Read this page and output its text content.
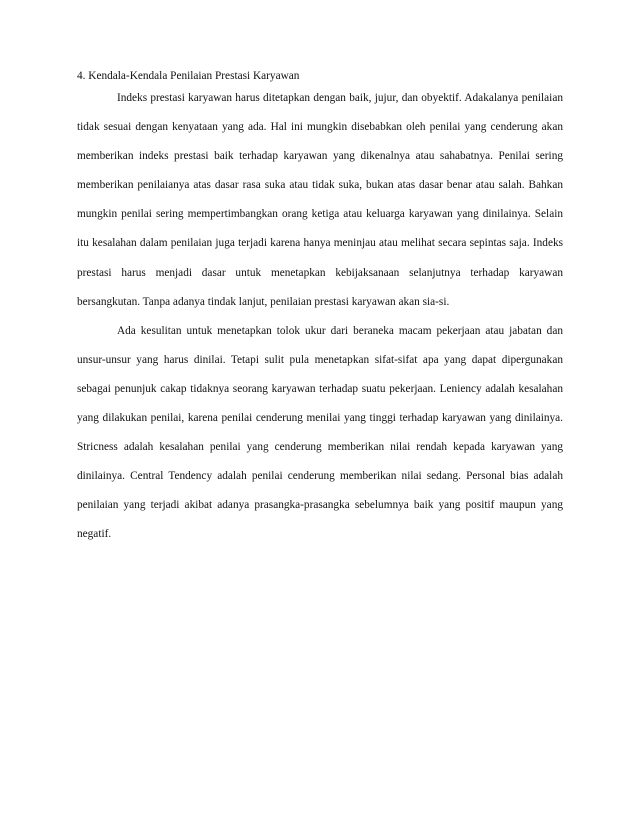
4. Kendala-Kendala Penilaian Prestasi Karyawan

Indeks prestasi karyawan harus ditetapkan dengan baik, jujur, dan obyektif. Adakalanya penilaian tidak sesuai dengan kenyataan yang ada. Hal ini mungkin disebabkan oleh penilai yang cenderung akan memberikan indeks prestasi baik terhadap karyawan yang dikenalnya atau sahabatnya. Penilai sering memberikan penilaianya atas dasar rasa suka atau tidak suka, bukan atas dasar benar atau salah. Bahkan mungkin penilai sering mempertimbangkan orang ketiga atau keluarga karyawan yang dinilainya. Selain itu kesalahan dalam penilaian juga terjadi karena hanya meninjau atau melihat secara sepintas saja. Indeks prestasi harus menjadi dasar untuk menetapkan kebijaksanaan selanjutnya terhadap karyawan bersangkutan. Tanpa adanya tindak lanjut, penilaian prestasi karyawan akan sia-si.

Ada kesulitan untuk menetapkan tolok ukur dari beraneka macam pekerjaan atau jabatan dan unsur-unsur yang harus dinilai. Tetapi sulit pula menetapkan sifat-sifat apa yang dapat dipergunakan sebagai penunjuk cakap tidaknya seorang karyawan terhadap suatu pekerjaan. Leniency adalah kesalahan yang dilakukan penilai, karena penilai cenderung menilai yang tinggi terhadap karyawan yang dinilainya. Stricness adalah kesalahan penilai yang cenderung memberikan nilai rendah kepada karyawan yang dinilainya. Central Tendency adalah penilai cenderung memberikan nilai sedang. Personal bias adalah penilaian yang terjadi akibat adanya prasangka-prasangka sebelumnya baik yang positif maupun yang negatif.
